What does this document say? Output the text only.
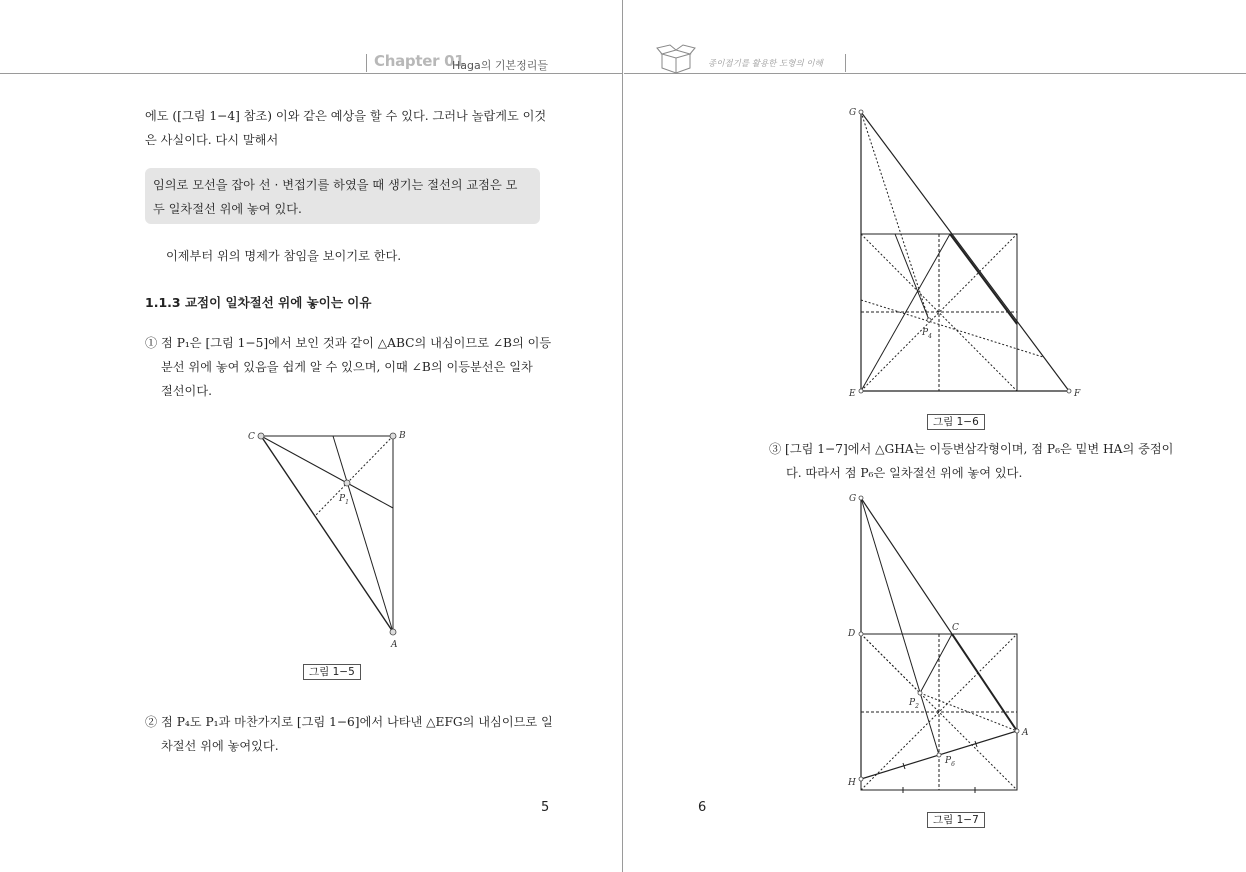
Chapter 01
Haga의 기본정리들	종이접기를 활용한 도형의 이해
에도 ([그림 1−4] 참조) 이와 같은 예상을 할 수 있다. 그러나 놀랍게도 이것
은 사실이다. 다시 말해서
임의로 모선을 잡아 선 · 변접기를 하였을 때 생기는 절선의 교점은 모
두 일차절선 위에 놓여 있다.
이제부터 위의 명제가 참임을 보이기로 한다.
1.1.3 교점이 일차절선 위에 놓이는 이유
① 점 P₁은 [그림 1−5]에서 보인 것과 같이 △ABC의 내심이므로 ∠B의 이등
분선 위에 놓여 있음을 쉽게 알 수 있으며, 이때 ∠B의 이등분선은 일차
절선이다.
C	B
A
$P_1$
그림 1−5
② 점 P₄도 P₁과 마찬가지로 [그림 1−6]에서 나타낸 △EFG의 내심이므로 일
차절선 위에 놓여있다.
5
G
E	F
$P_4$
그림 1−6
③ [그림 1−7]에서 △GHA는 이등변삼각형이며, 점 P₆은 밑변 HA의 중점이
다. 따라서 점 P₆은 일차절선 위에 놓여 있다.
G
D
C
A
H
$P_2$
$P_6$
그림 1−7
6
